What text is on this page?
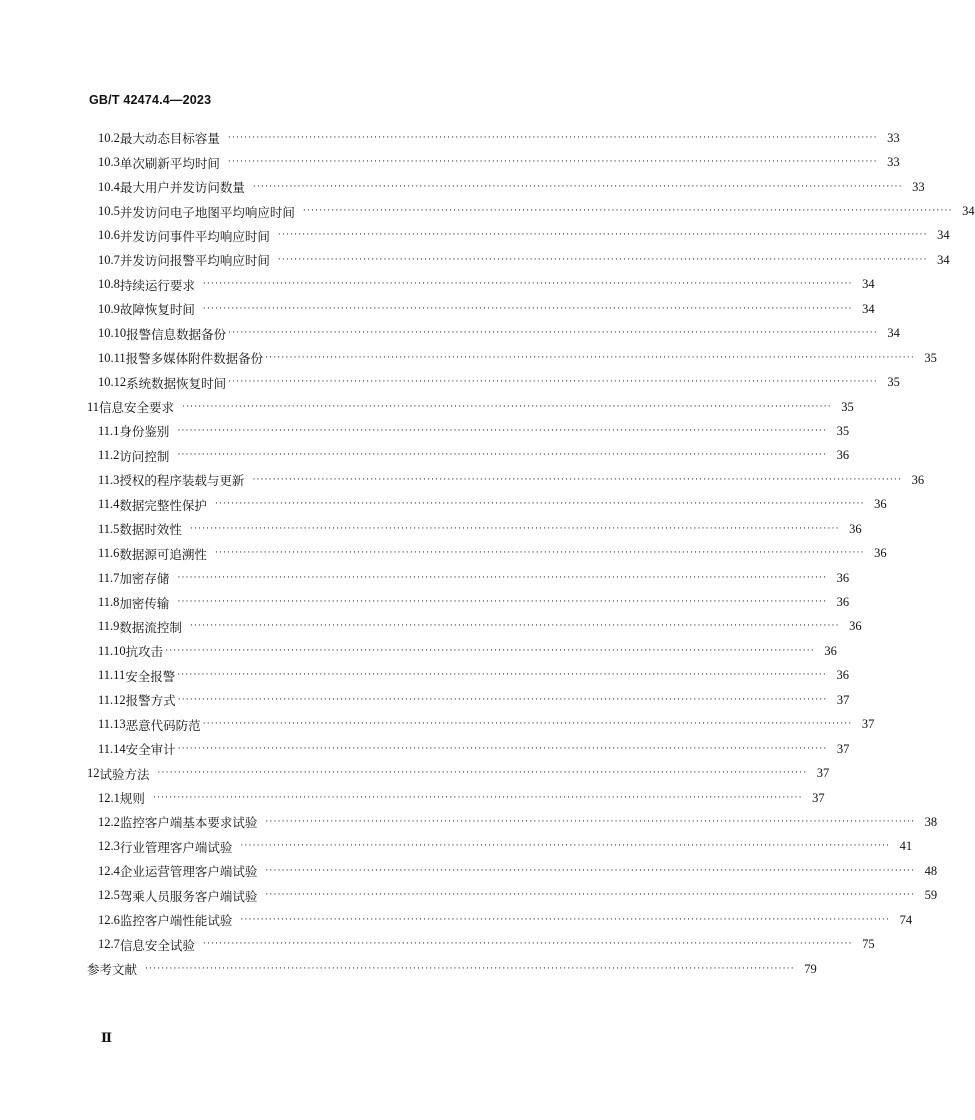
GB/T 42474.4—2023
10.2 最大动态目标容量 ································································································································································ 33
10.3 单次刷新平均时间 ································································································································································ 33
10.4 最大用户并发访问数量 ································································································································································ 33
10.5 并发访问电子地图平均响应时间 ································································································································································ 34
10.6 并发访问事件平均响应时间 ································································································································································ 34
10.7 并发访问报警平均响应时间 ································································································································································ 34
10.8 持续运行要求 ································································································································································ 34
10.9 故障恢复时间 ································································································································································ 34
10.10 报警信息数据备份 ································································································································································ 34
10.11 报警多媒体附件数据备份 ································································································································································ 35
10.12 系统数据恢复时间 ································································································································································ 35
11 信息安全要求 ································································································································································ 35
11.1 身份鉴别 ································································································································································ 35
11.2 访问控制 ································································································································································ 36
11.3 授权的程序装载与更新 ································································································································································ 36
11.4 数据完整性保护 ································································································································································ 36
11.5 数据时效性 ································································································································································ 36
11.6 数据源可追溯性 ································································································································································ 36
11.7 加密存储 ································································································································································ 36
11.8 加密传输 ································································································································································ 36
11.9 数据流控制 ································································································································································ 36
11.10 抗攻击 ································································································································································ 36
11.11 安全报警 ································································································································································ 36
11.12 报警方式 ································································································································································ 37
11.13 恶意代码防范 ································································································································································ 37
11.14 安全审计 ································································································································································ 37
12 试验方法 ································································································································································ 37
12.1 规则 ································································································································································ 37
12.2 监控客户端基本要求试验 ································································································································································ 38
12.3 行业管理客户端试验 ································································································································································ 41
12.4 企业运营管理客户端试验 ································································································································································ 48
12.5 驾乘人员服务客户端试验 ································································································································································ 59
12.6 监控客户端性能试验 ································································································································································ 74
12.7 信息安全试验 ································································································································································ 75
参考文献 ································································································································································ 79
Ⅱ
